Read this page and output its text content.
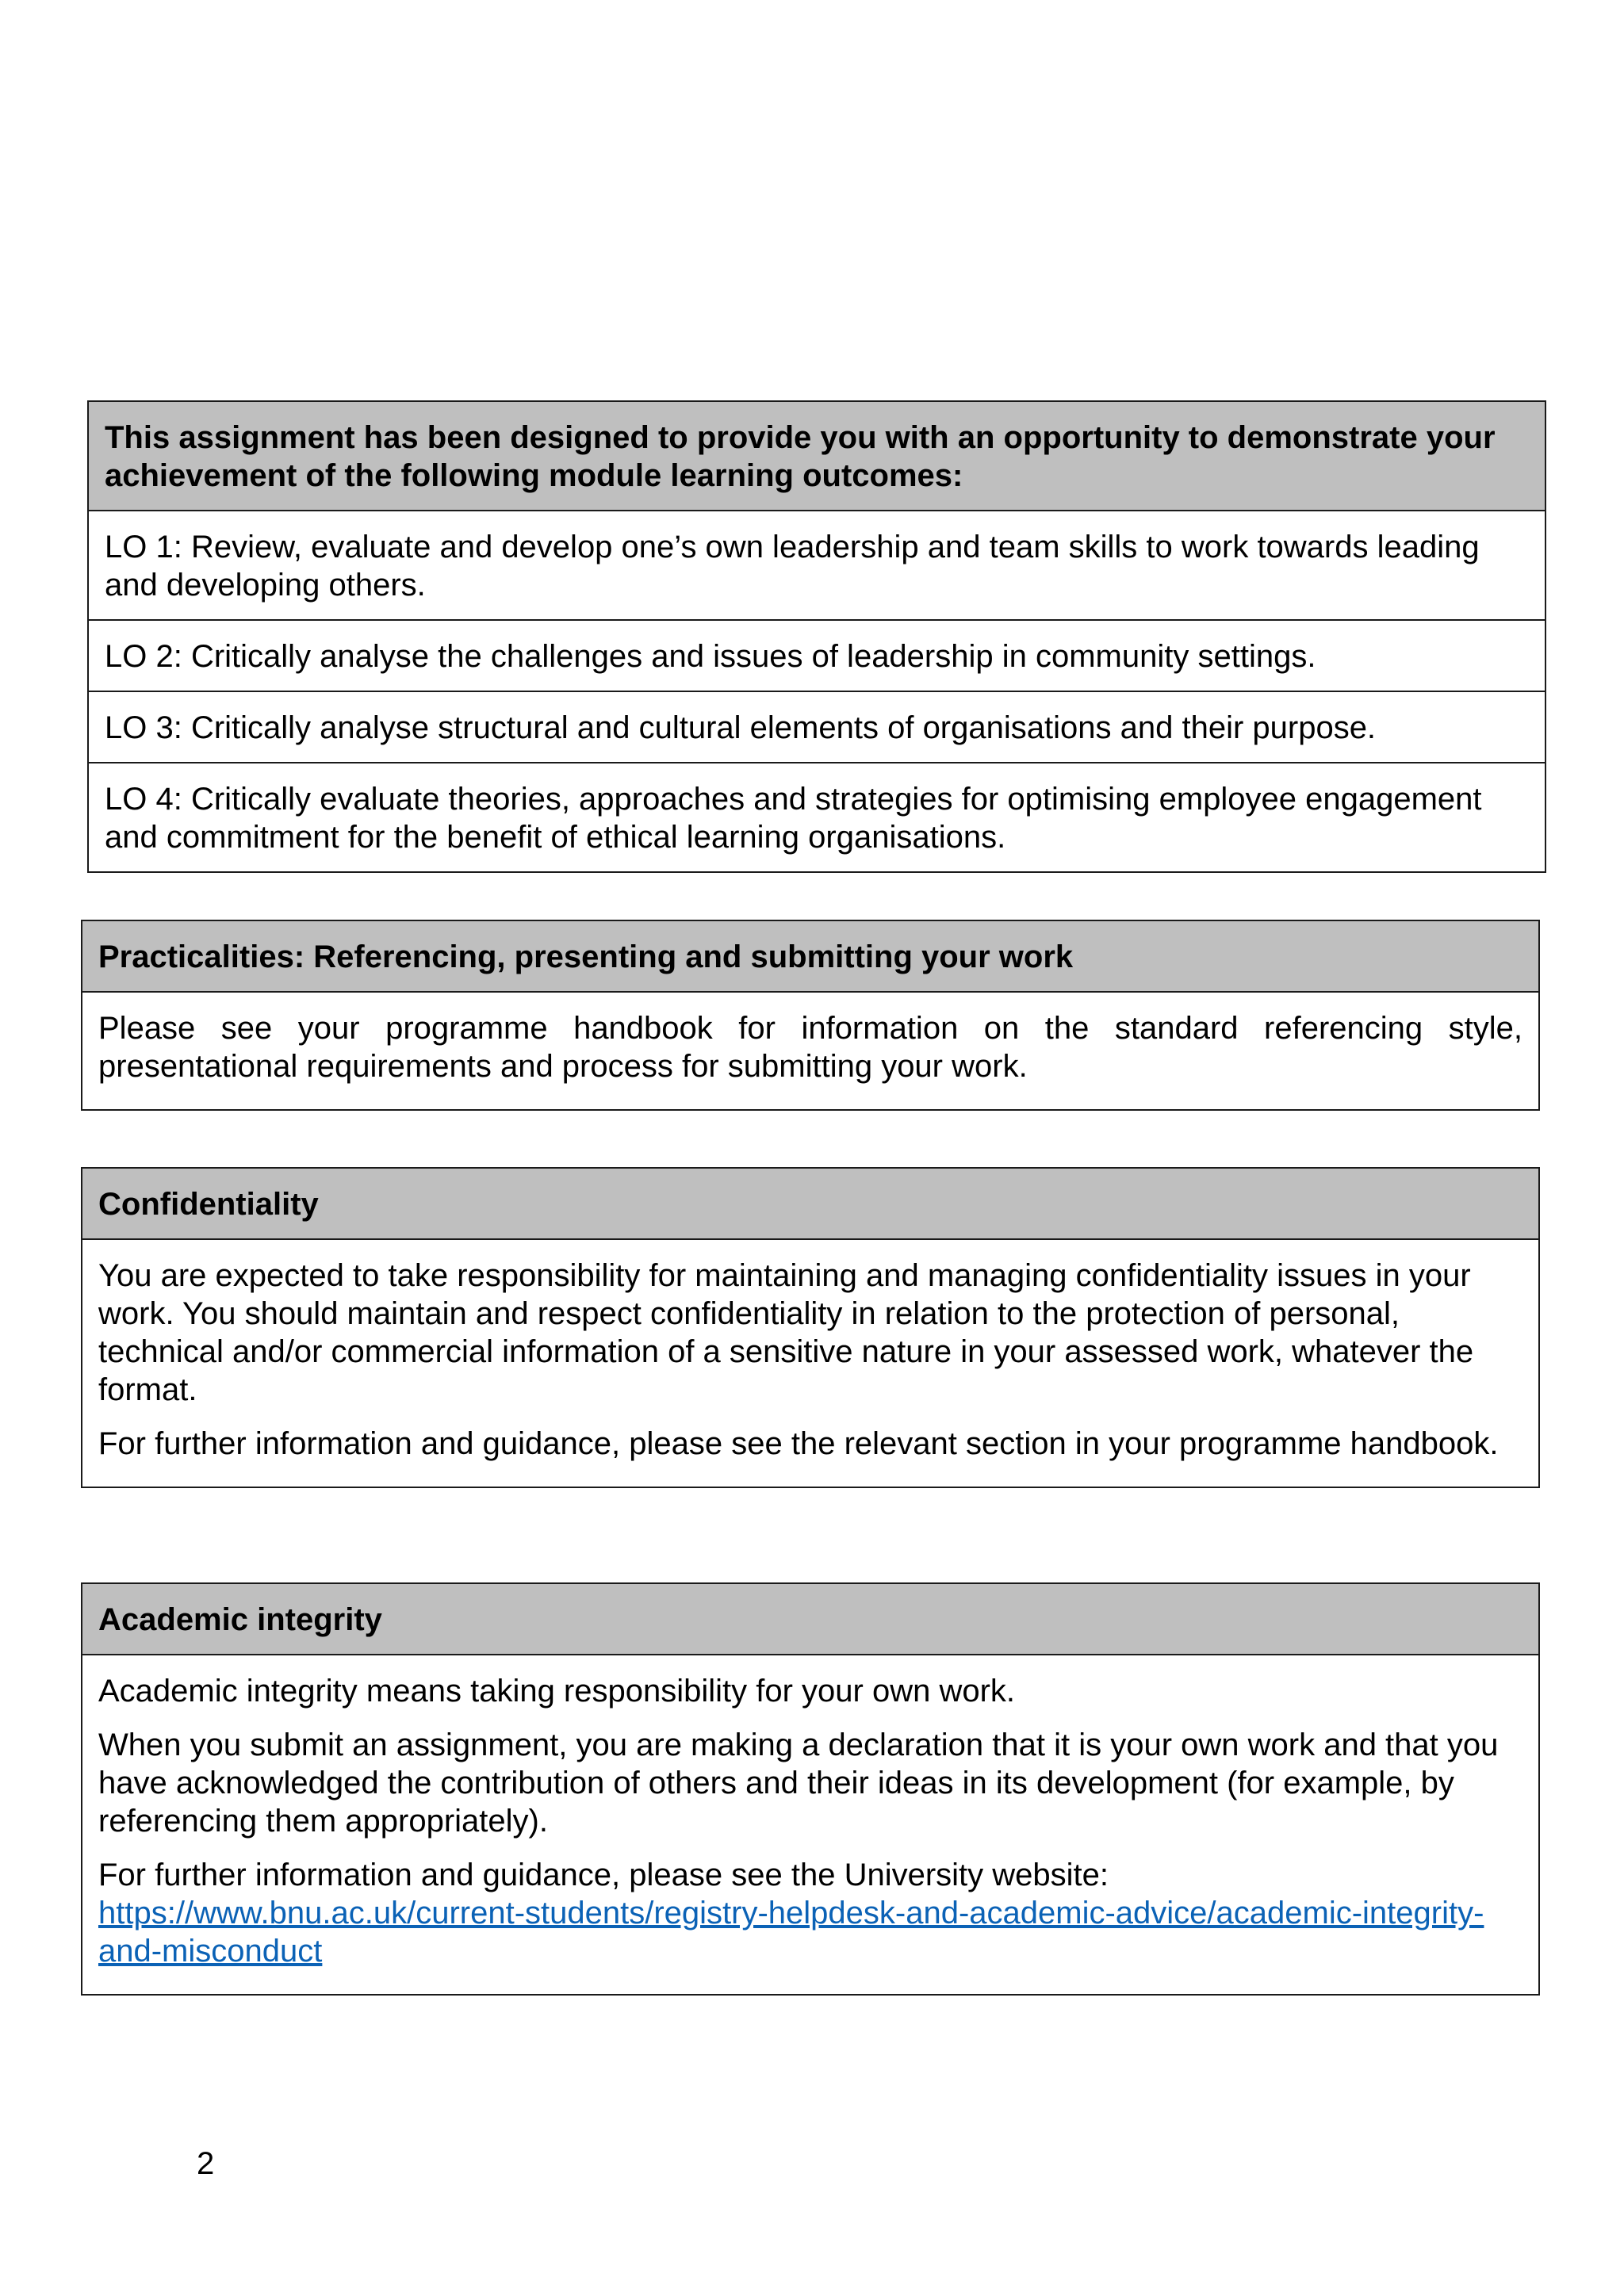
This assignment has been designed to provide you with an opportunity to demonstrate your achievement of the following module learning outcomes:
LO 1: Review, evaluate and develop one’s own leadership and team skills to work towards leading and developing others.
LO 2: Critically analyse the challenges and issues of leadership in community settings.
LO 3: Critically analyse structural and cultural elements of organisations and their purpose.
LO 4: Critically evaluate theories, approaches and strategies for optimising employee engagement and commitment for the benefit of ethical learning organisations.
Practicalities: Referencing, presenting and submitting your work

Please see your programme handbook for information on the standard referencing style, presentational requirements and process for submitting your work.

Confidentiality

You are expected to take responsibility for maintaining and managing confidentiality issues in your work. You should maintain and respect confidentiality in relation to the protection of personal, technical and/or commercial information of a sensitive nature in your assessed work, whatever the format.

For further information and guidance, please see the relevant section in your programme handbook.

Academic integrity

Academic integrity means taking responsibility for your own work.

When you submit an assignment, you are making a declaration that it is your own work and that you have acknowledged the contribution of others and their ideas in its development (for example, by referencing them appropriately).

For further information and guidance, please see the University website:
https://www.bnu.ac.uk/current-students/registry-helpdesk-and-academic-advice/academic-integrity-and-misconduct

2
